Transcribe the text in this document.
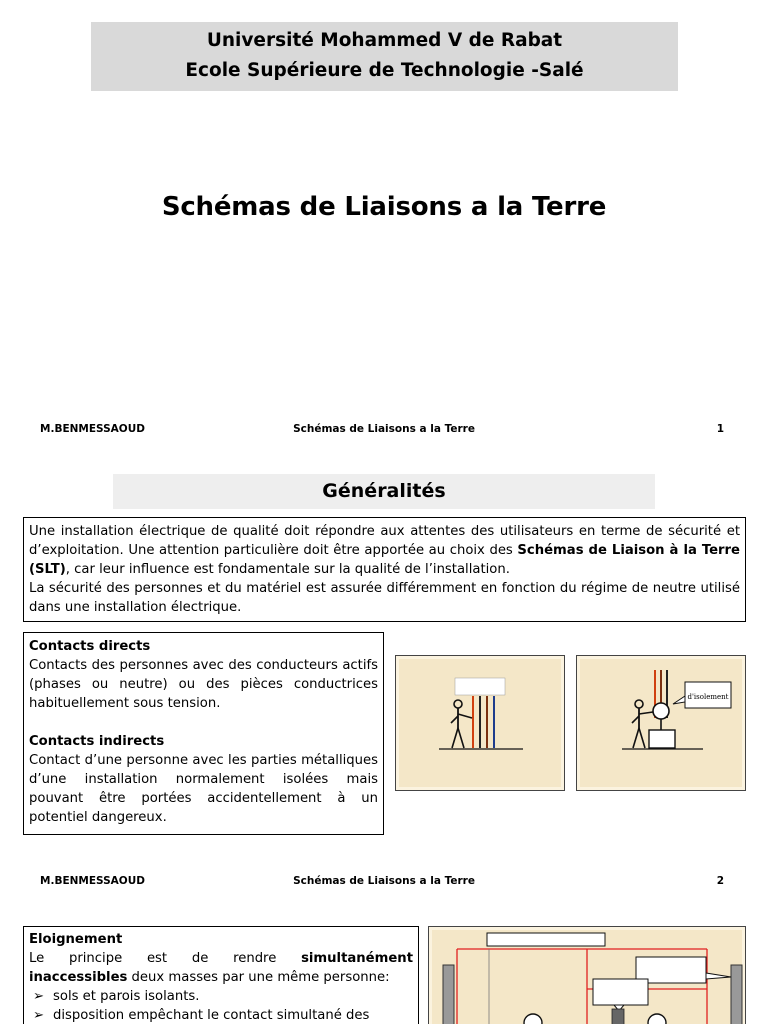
Université Mohammed V de Rabat
Ecole Supérieure de Technologie -Salé
Schémas de Liaisons a la Terre
M.BENMESSAOUD	Schémas de Liaisons a la Terre	1
Généralités

Une installation électrique de qualité doit répondre aux attentes des utilisateurs en terme de sécurité et d’exploitation. Une attention particulière doit être apportée au choix des Schémas de Liaison à la Terre (SLT), car leur influence est fondamentale sur la qualité de l’installation.

La sécurité des personnes et du matériel est assurée différemment en fonction du régime de neutre utilisé dans une installation électrique.

Contacts directs

Contacts des personnes avec des conducteurs actifs (phases ou neutre) ou des pièces conductrices habituellement sous tension.

Contacts indirects

Contact d’une personne avec les parties métalliques d’une installation normalement isolées mais pouvant être portées accidentellement à un potentiel dangereux.

d'isolement
M.BENMESSAOUD	Schémas de Liaisons a la Terre	2
Eloignement

Le principe est de rendre simultanément inaccessibles deux masses par une même personne:

➢ sols et parois isolants.
➢ disposition empêchant le contact simultané des
